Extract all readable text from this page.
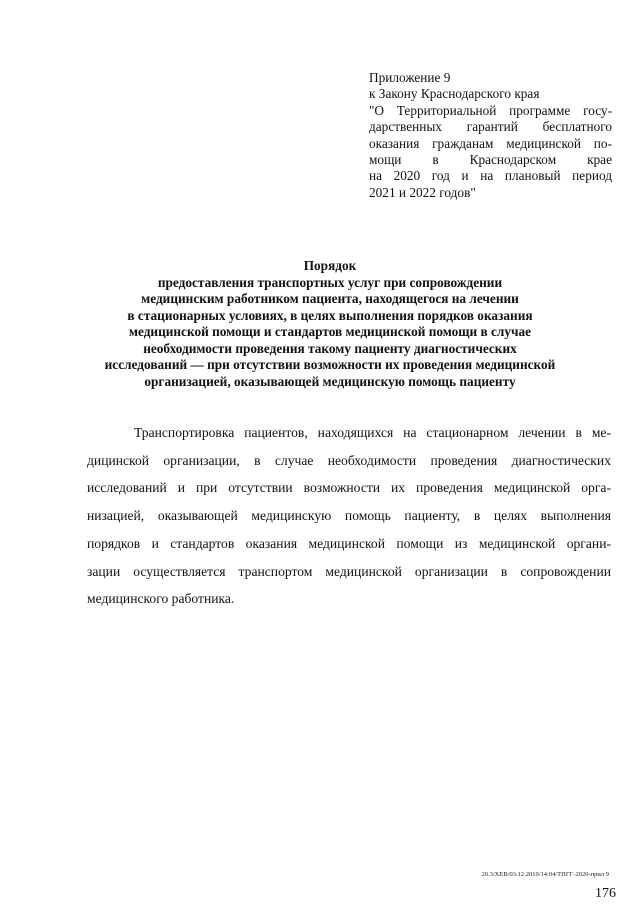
Приложение 9
к Закону Краснодарского края
"О Территориальной программе госу-
дарственных гарантий бесплатного
оказания гражданам медицинской по-
мощи в Краснодарском крае
на 2020 год и на плановый период
2021 и 2022 годов"
Порядок
предоставления транспортных услуг при сопровождении
медицинским работником пациента, находящегося на лечении
в стационарных условиях, в целях выполнения порядков оказания
медицинской помощи и стандартов медицинской помощи в случае
необходимости проведения такому пациенту диагностических
исследований — при отсутствии возможности их проведения медицинской
организацией, оказывающей медицинскую помощь пациенту
Транспортировка пациентов, находящихся на стационарном лечении в ме-
дицинской организации, в случае необходимости проведения диагностических
исследований и при отсутствии возможности их проведения медицинской орга-
низацией, оказывающей медицинскую помощь пациенту, в целях выполнения
порядков и стандартов оказания медицинской помощи из медицинской органи-
зации осуществляется транспортом медицинской организации в сопровождении
медицинского работника.
20.3/ХЕВ/03.12.2019/14:04/ТПГГ-2020-прил 9
176
